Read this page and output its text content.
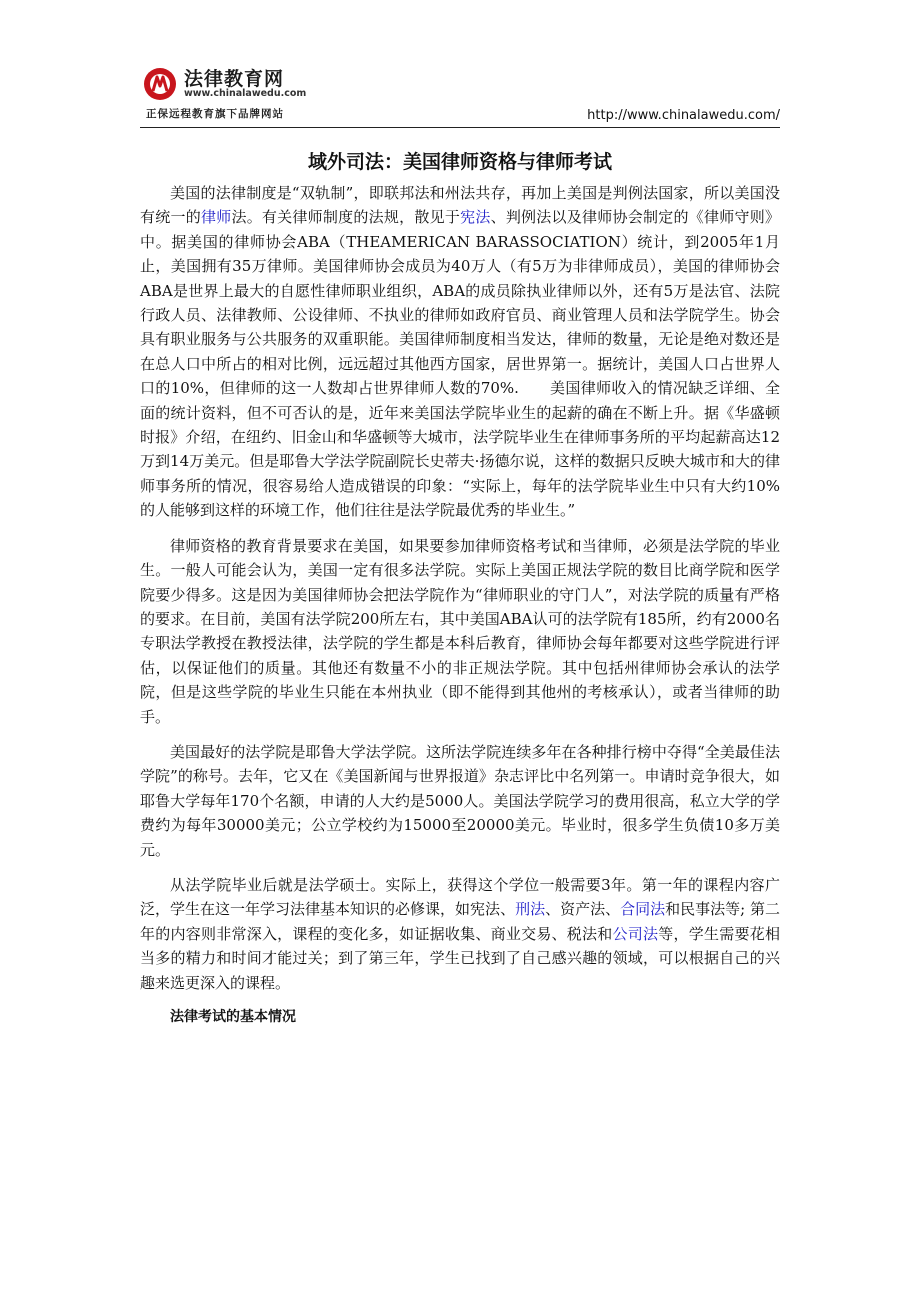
法律教育网
www.chinalawedu.com
正保远程教育旗下品牌网站	http://www.chinalawedu.com/
域外司法：美国律师资格与律师考试

美国的法律制度是“双轨制”，即联邦法和州法共存，再加上美国是判例法国家，所以美国没有统一的律师法。有关律师制度的法规，散见于宪法、判例法以及律师协会制定的《律师守则》中。据美国的律师协会ABA（THEAMERICAN BARASSOCIATION）统计，到2005年1月止，美国拥有35万律师。美国律师协会成员为40万人（有5万为非律师成员），美国的律师协会ABA是世界上最大的自愿性律师职业组织，ABA的成员除执业律师以外，还有5万是法官、法院行政人员、法律教师、公设律师、不执业的律师如政府官员、商业管理人员和法学院学生。协会具有职业服务与公共服务的双重职能。美国律师制度相当发达，律师的数量，无论是绝对数还是在总人口中所占的相对比例，远远超过其他西方国家，居世界第一。据统计，美国人口占世界人口的10%，但律师的这一人数却占世界律师人数的70%.　　美国律师收入的情况缺乏详细、全面的统计资料，但不可否认的是，近年来美国法学院毕业生的起薪的确在不断上升。据《华盛顿时报》介绍，在纽约、旧金山和华盛顿等大城市，法学院毕业生在律师事务所的平均起薪高达12万到14万美元。但是耶鲁大学法学院副院长史蒂夫·扬德尔说，这样的数据只反映大城市和大的律师事务所的情况，很容易给人造成错误的印象：“实际上，每年的法学院毕业生中只有大约10%的人能够到这样的环境工作，他们往往是法学院最优秀的毕业生。”

律师资格的教育背景要求在美国，如果要参加律师资格考试和当律师，必须是法学院的毕业生。一般人可能会认为，美国一定有很多法学院。实际上美国正规法学院的数目比商学院和医学院要少得多。这是因为美国律师协会把法学院作为“律师职业的守门人”，对法学院的质量有严格的要求。在目前，美国有法学院200所左右，其中美国ABA认可的法学院有185所，约有2000名专职法学教授在教授法律，法学院的学生都是本科后教育，律师协会每年都要对这些学院进行评估，以保证他们的质量。其他还有数量不小的非正规法学院。其中包括州律师协会承认的法学院，但是这些学院的毕业生只能在本州执业（即不能得到其他州的考核承认），或者当律师的助手。

美国最好的法学院是耶鲁大学法学院。这所法学院连续多年在各种排行榜中夺得“全美最佳法学院”的称号。去年，它又在《美国新闻与世界报道》杂志评比中名列第一。申请时竞争很大，如耶鲁大学每年170个名额，申请的人大约是5000人。美国法学院学习的费用很高，私立大学的学费约为每年30000美元；公立学校约为15000至20000美元。毕业时，很多学生负债10多万美元。

从法学院毕业后就是法学硕士。实际上，获得这个学位一般需要3年。第一年的课程内容广泛，学生在这一年学习法律基本知识的必修课，如宪法、刑法、资产法、合同法和民事法等; 第二年的内容则非常深入，课程的变化多，如证据收集、商业交易、税法和公司法等，学生需要花相当多的精力和时间才能过关；到了第三年，学生已找到了自己感兴趣的领域，可以根据自己的兴趣来选更深入的课程。

法律考试的基本情况
